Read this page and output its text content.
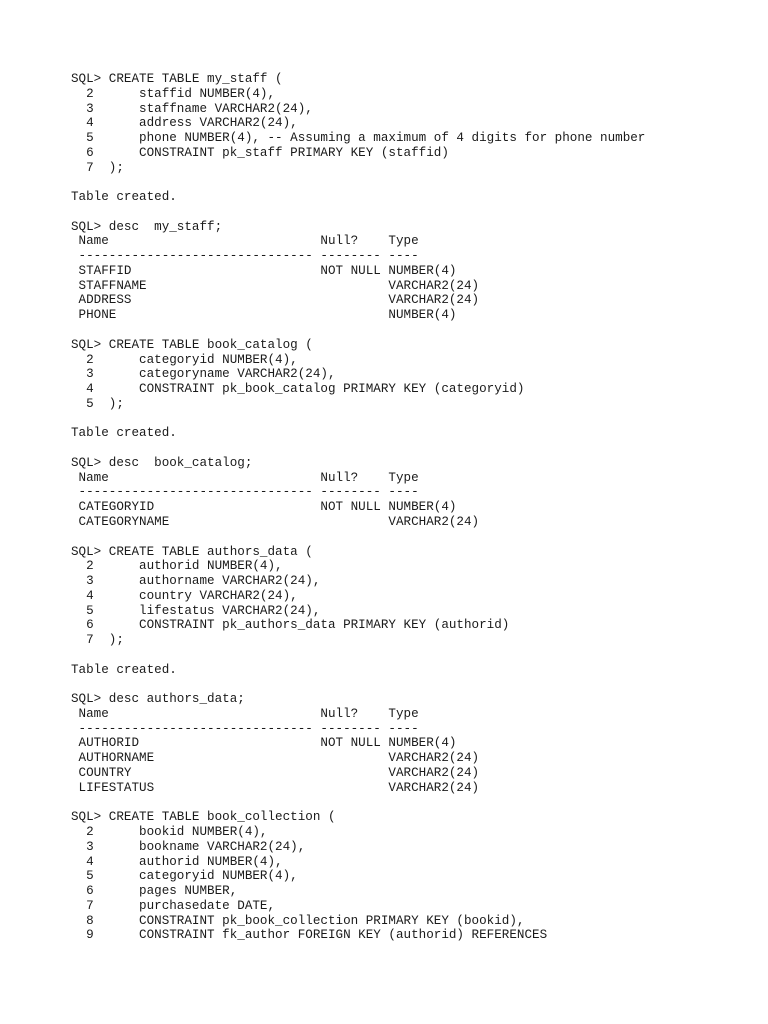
SQL> CREATE TABLE my_staff (
2      staffid NUMBER(4),
3      staffname VARCHAR2(24),
4      address VARCHAR2(24),
5      phone NUMBER(4), -- Assuming a maximum of 4 digits for phone number
6      CONSTRAINT pk_staff PRIMARY KEY (staffid)
7  );
Table created.
SQL> desc  my_staff;
Name                            Null?    Type
------------------------------- -------- ----
STAFFID                         NOT NULL NUMBER(4)
STAFFNAME                                VARCHAR2(24)
ADDRESS                                  VARCHAR2(24)
PHONE                                    NUMBER(4)
SQL> CREATE TABLE book_catalog (
2      categoryid NUMBER(4),
3      categoryname VARCHAR2(24),
4      CONSTRAINT pk_book_catalog PRIMARY KEY (categoryid)
5  );
Table created.
SQL> desc  book_catalog;
Name                            Null?    Type
------------------------------- -------- ----
CATEGORYID                      NOT NULL NUMBER(4)
CATEGORYNAME                             VARCHAR2(24)
SQL> CREATE TABLE authors_data (
2      authorid NUMBER(4),
3      authorname VARCHAR2(24),
4      country VARCHAR2(24),
5      lifestatus VARCHAR2(24),
6      CONSTRAINT pk_authors_data PRIMARY KEY (authorid)
7  );
Table created.
SQL> desc authors_data;
Name                            Null?    Type
------------------------------- -------- ----
AUTHORID                        NOT NULL NUMBER(4)
AUTHORNAME                               VARCHAR2(24)
COUNTRY                                  VARCHAR2(24)
LIFESTATUS                               VARCHAR2(24)
SQL> CREATE TABLE book_collection (
2      bookid NUMBER(4),
3      bookname VARCHAR2(24),
4      authorid NUMBER(4),
5      categoryid NUMBER(4),
6      pages NUMBER,
7      purchasedate DATE,
8      CONSTRAINT pk_book_collection PRIMARY KEY (bookid),
9      CONSTRAINT fk_author FOREIGN KEY (authorid) REFERENCES
